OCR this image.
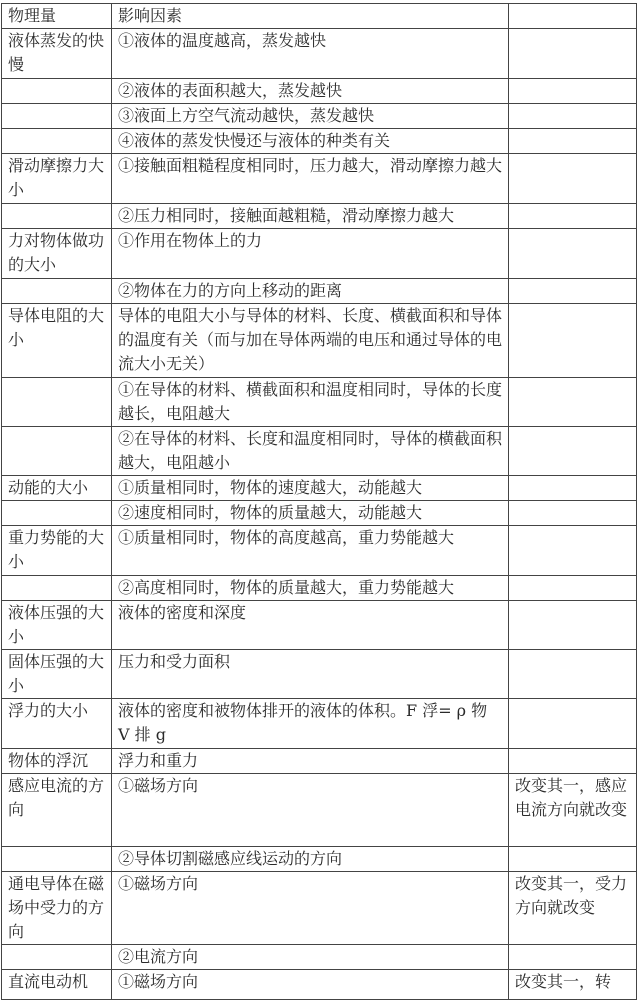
物理量	影响因素	
液体蒸发的快慢	①液体的温度越高，蒸发越快	
	②液体的表面积越大，蒸发越快	
	③液面上方空气流动越快，蒸发越快	
	④液体的蒸发快慢还与液体的种类有关	
滑动摩擦力大小	①接触面粗糙程度相同时，压力越大，滑动摩擦力越大	
	②压力相同时，接触面越粗糙，滑动摩擦力越大	
力对物体做功的大小	①作用在物体上的力	
	②物体在力的方向上移动的距离	
导体电阻的大小	导体的电阻大小与导体的材料、长度、横截面积和导体的温度有关（而与加在导体两端的电压和通过导体的电流大小无关）	
	①在导体的材料、横截面积和温度相同时，导体的长度越长，电阻越大	
	②在导体的材料、长度和温度相同时，导体的横截面积越大，电阻越小	
动能的大小	①质量相同时，物体的速度越大，动能越大	
	②速度相同时，物体的质量越大，动能越大	
重力势能的大小	①质量相同时，物体的高度越高，重力势能越大	
	②高度相同时，物体的质量越大，重力势能越大	
液体压强的大小	液体的密度和深度	
固体压强的大小	压力和受力面积	
浮力的大小	液体的密度和被物体排开的液体的体积。F 浮= ρ 物 V 排 g	
物体的浮沉	浮力和重力	
感应电流的方向	①磁场方向	改变其一，感应电流方向就改变
	②导体切割磁感应线运动的方向	
通电导体在磁场中受力的方向	①磁场方向	改变其一，受力方向就改变
	②电流方向	
直流电动机	①磁场方向	改变其一，转
